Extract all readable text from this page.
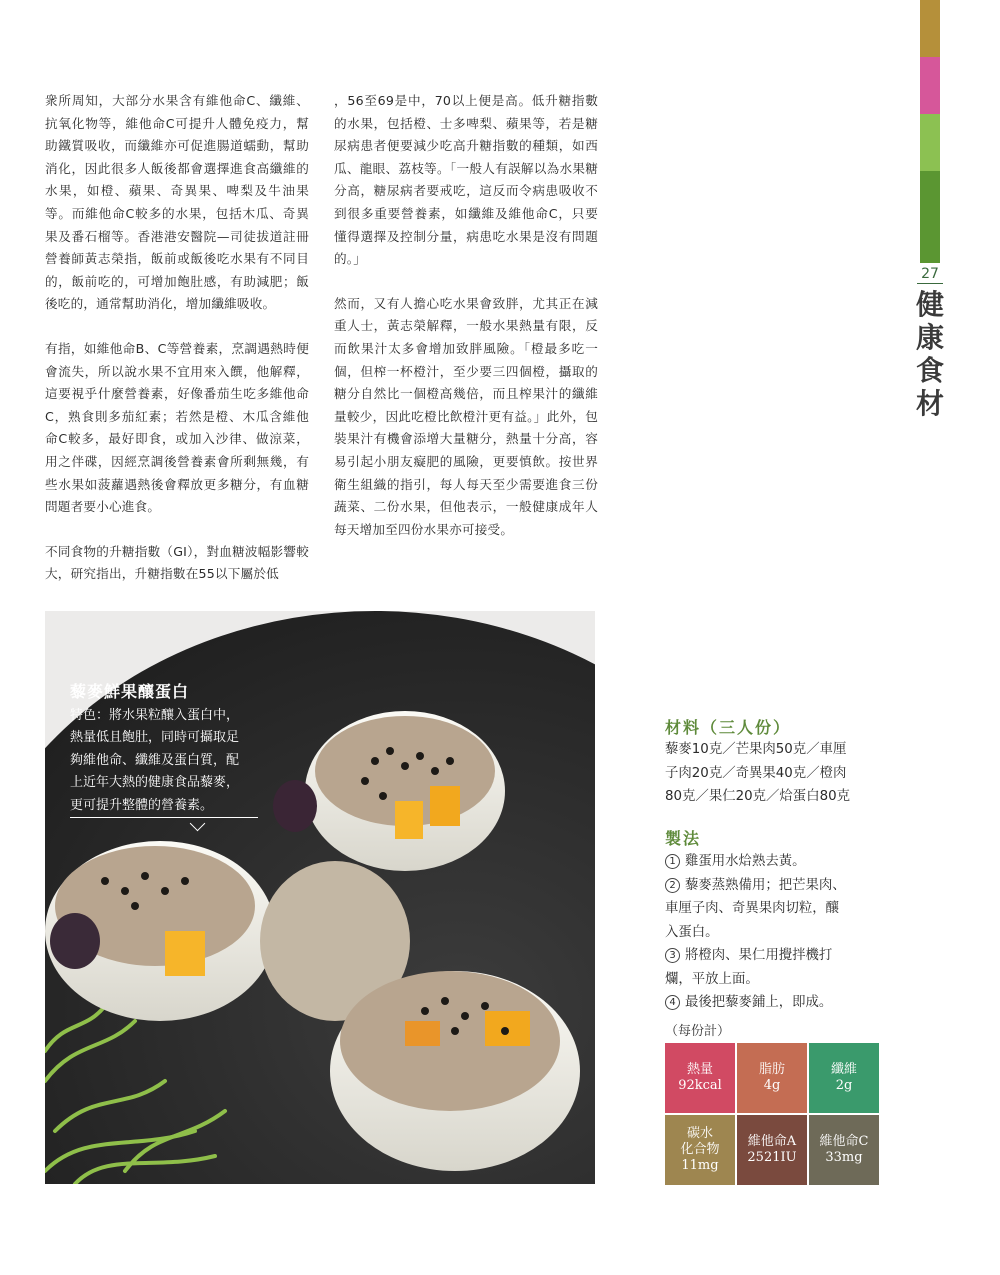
衆所周知，大部分水果含有維他命C、纖維、抗氧化物等，維他命C可提升人體免疫力，幫助鐵質吸收，而纖維亦可促進腸道蠕動，幫助消化，因此很多人飯後都會選擇進食高纖維的水果，如橙、蘋果、奇異果、啤梨及牛油果等。而維他命C較多的水果，包括木瓜、奇異果及番石榴等。香港港安醫院—司徒拔道註冊營養師黃志榮指，飯前或飯後吃水果有不同目的，飯前吃的，可增加飽肚感，有助減肥；飯後吃的，通常幫助消化，增加纖維吸收。

有指，如維他命B、C等營養素，烹調遇熱時便會流失，所以說水果不宜用來入饌，他解釋，這要視乎什麼營養素，好像番茄生吃多維他命C，熟食則多茄紅素；若然是橙、木瓜含維他命C較多，最好即食，或加入沙律、做涼菜，用之伴碟，因經烹調後營養素會所剩無幾，有些水果如菠蘿遇熱後會釋放更多糖分，有血糖問題者要小心進食。

不同食物的升糖指數（GI），對血糖波幅影響較大，研究指出，升糖指數在55以下屬於低

，56至69是中，70以上便是高。低升糖指數的水果，包括橙、士多啤梨、蘋果等，若是糖尿病患者便要減少吃高升糖指數的種類，如西瓜、龍眼、荔枝等。「一般人有誤解以為水果糖分高，糖尿病者要戒吃，這反而令病患吸收不到很多重要營養素，如纖維及維他命C，只要懂得選擇及控制分量，病患吃水果是沒有問題的。」

然而，又有人擔心吃水果會致胖，尤其正在減重人士，黃志榮解釋，一般水果熱量有限，反而飲果汁太多會增加致胖風險。「橙最多吃一個，但榨一杯橙汁，至少要三四個橙，攝取的糖分自然比一個橙高幾倍，而且榨果汁的纖維量較少，因此吃橙比飲橙汁更有益。」此外，包裝果汁有機會添增大量糖分，熱量十分高，容易引起小朋友癡肥的風險，更要慎飲。按世界衛生組織的指引，每人每天至少需要進食三份蔬菜、二份水果，但他表示，一般健康成年人每天增加至四份水果亦可接受。

27
健
康
食
材
藜麥鮮果釀蛋白
特色：將水果粒釀入蛋白中，
熱量低且飽肚，同時可攝取足
夠維他命、纖維及蛋白質，配
上近年大熱的健康食品藜麥，
更可提升整體的營養素。
材料（三人份）
藜麥10克／芒果肉50克／車厘
子肉20克／奇異果40克／橙肉
80克／果仁20克／烚蛋白80克
製法
1 雞蛋用水烚熟去黃。
2 藜麥蒸熟備用；把芒果肉、
車厘子肉、奇異果肉切粒，釀
入蛋白。
3 將橙肉、果仁用攪拌機打
爛，平放上面。
4 最後把藜麥鋪上，即成。
（每份計）
熱量
92kcal
脂肪
4g
纖維
2g
碳水
化合物
11mg
維他命A
2521IU
維他命C
33mg
